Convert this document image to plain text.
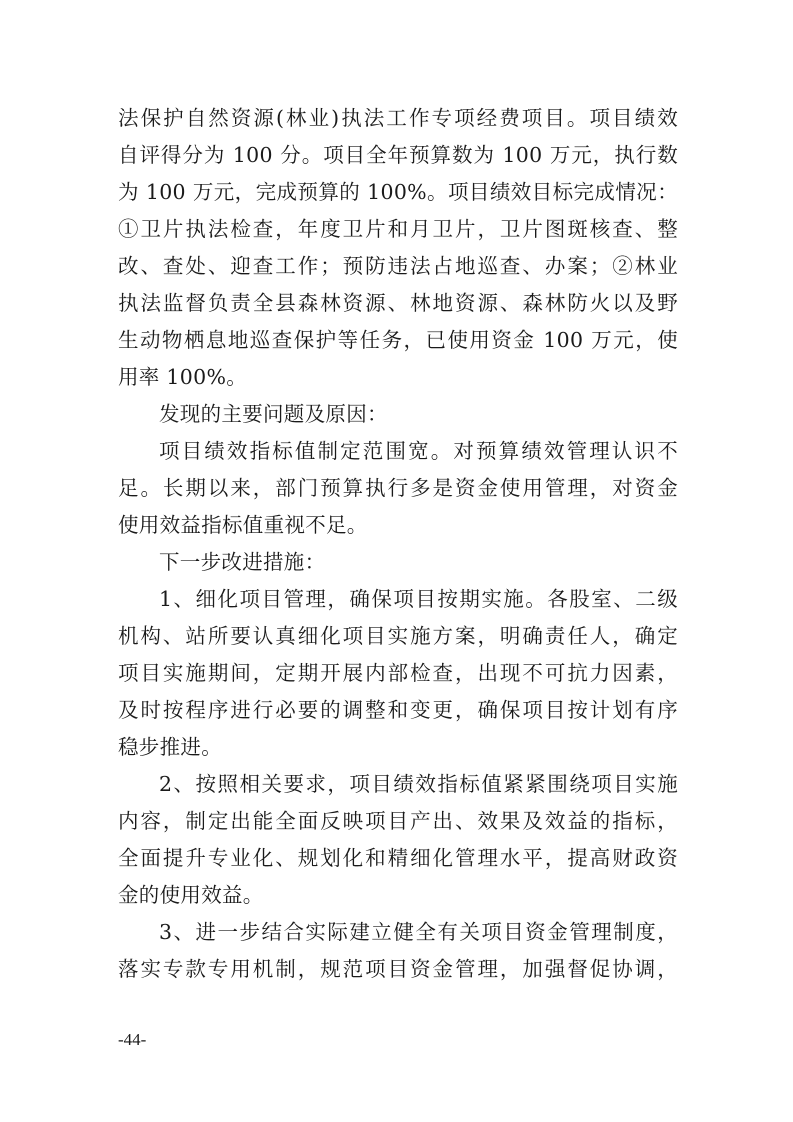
法保护自然资源(林业)执法工作专项经费项目。项目绩效
自评得分为 100 分。项目全年预算数为 100 万元，执行数
为 100 万元，完成预算的 100%。项目绩效目标完成情况：
①卫片执法检查，年度卫片和月卫片，卫片图斑核查、整
改、查处、迎查工作；预防违法占地巡查、办案；②林业
执法监督负责全县森林资源、林地资源、森林防火以及野
生动物栖息地巡查保护等任务，已使用资金 100 万元，使
用率 100%。
发现的主要问题及原因：
项目绩效指标值制定范围宽。对预算绩效管理认识不
足。长期以来，部门预算执行多是资金使用管理，对资金
使用效益指标值重视不足。
下一步改进措施：
1、细化项目管理，确保项目按期实施。各股室、二级
机构、站所要认真细化项目实施方案，明确责任人，确定
项目实施期间，定期开展内部检查，出现不可抗力因素，
及时按程序进行必要的调整和变更，确保项目按计划有序
稳步推进。
2、按照相关要求，项目绩效指标值紧紧围绕项目实施
内容，制定出能全面反映项目产出、效果及效益的指标，
全面提升专业化、规划化和精细化管理水平，提高财政资
金的使用效益。
3、进一步结合实际建立健全有关项目资金管理制度，
落实专款专用机制，规范项目资金管理，加强督促协调，
-44-
